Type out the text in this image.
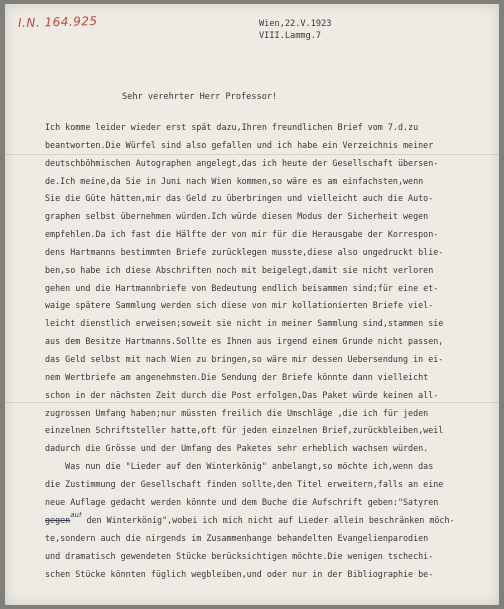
I.N. 164.925	Wien,22.V.1923
VIII.Lammg.7
Sehr verehrter Herr Professor!
Ich komme leider wieder erst spät dazu,Ihren freundlichen Brief vom 7.d.zu
beantworten.Die Würfel sind also gefallen und ich habe ein Verzeichnis meiner
deutschböhmischen Autographen angelegt,das ich heute der Gesellschaft übersen-
de.Ich meine,da Sie in Juni nach Wien kommen,so wäre es am einfachsten,wenn
Sie die Güte hätten,mir das Geld zu überbringen und vielleicht auch die Auto-
graphen selbst übernehmen würden.Ich würde diesen Modus der Sicherheit wegen
empfehlen.Da ich fast die Hälfte der von mir für die Herausgabe der Korrespon-
dens Hartmanns bestimmten Briefe zurücklegen musste,diese also ungedruckt blie-
ben,so habe ich diese Abschriften noch mit beigelegt,damit sie nicht verloren
gehen und die Hartmannbriefe von Bedeutung endlich beisammen sind;für eine et-
waige spätere Sammlung werden sich diese von mir kollationierten Briefe viel-
leicht dienstlich erweisen;soweit sie nicht in meiner Sammlung sind,stammen sie
aus dem Besitze Hartmanns.Sollte es Ihnen aus irgend einem Grunde nicht passen,
das Geld selbst mit nach Wien zu bringen,so wäre mir dessen Uebersendung in ei-
nem Wertbriefe am angenehmsten.Die Sendung der Briefe könnte dann vielleicht
schon in der nächsten Zeit durch die Post erfolgen,Das Paket würde keinen all-
zugrossen Umfang haben;nur müssten freilich die Umschläge ,die ich für jeden
einzelnen Schriftsteller hatte,oft für jeden einzelnen Brief,zurückbleiben,weil
dadurch die Grösse und der Umfang des Paketes sehr erheblich wachsen würden.
Was nun die "Lieder auf den Winterkönig" anbelangt,so möchte ich,wenn das
die Zustimmung der Gesellschaft finden sollte,den Titel erweitern,falls an eine
neue Auflage gedacht werden könnte und dem Buche die Aufschrift geben:"Satyren
gegen$^{auf}$ den Winterkönig",wobei ich mich nicht auf Lieder allein beschränken möch-
te,sondern auch die nirgends im Zusammenhange behandelten Evangelienparodien
und dramatisch gewendeten Stücke berücksichtigen möchte.Die wenigen tschechi-
schen Stücke könnten füglich wegbleiben,und oder nur in der Bibliographie be-
